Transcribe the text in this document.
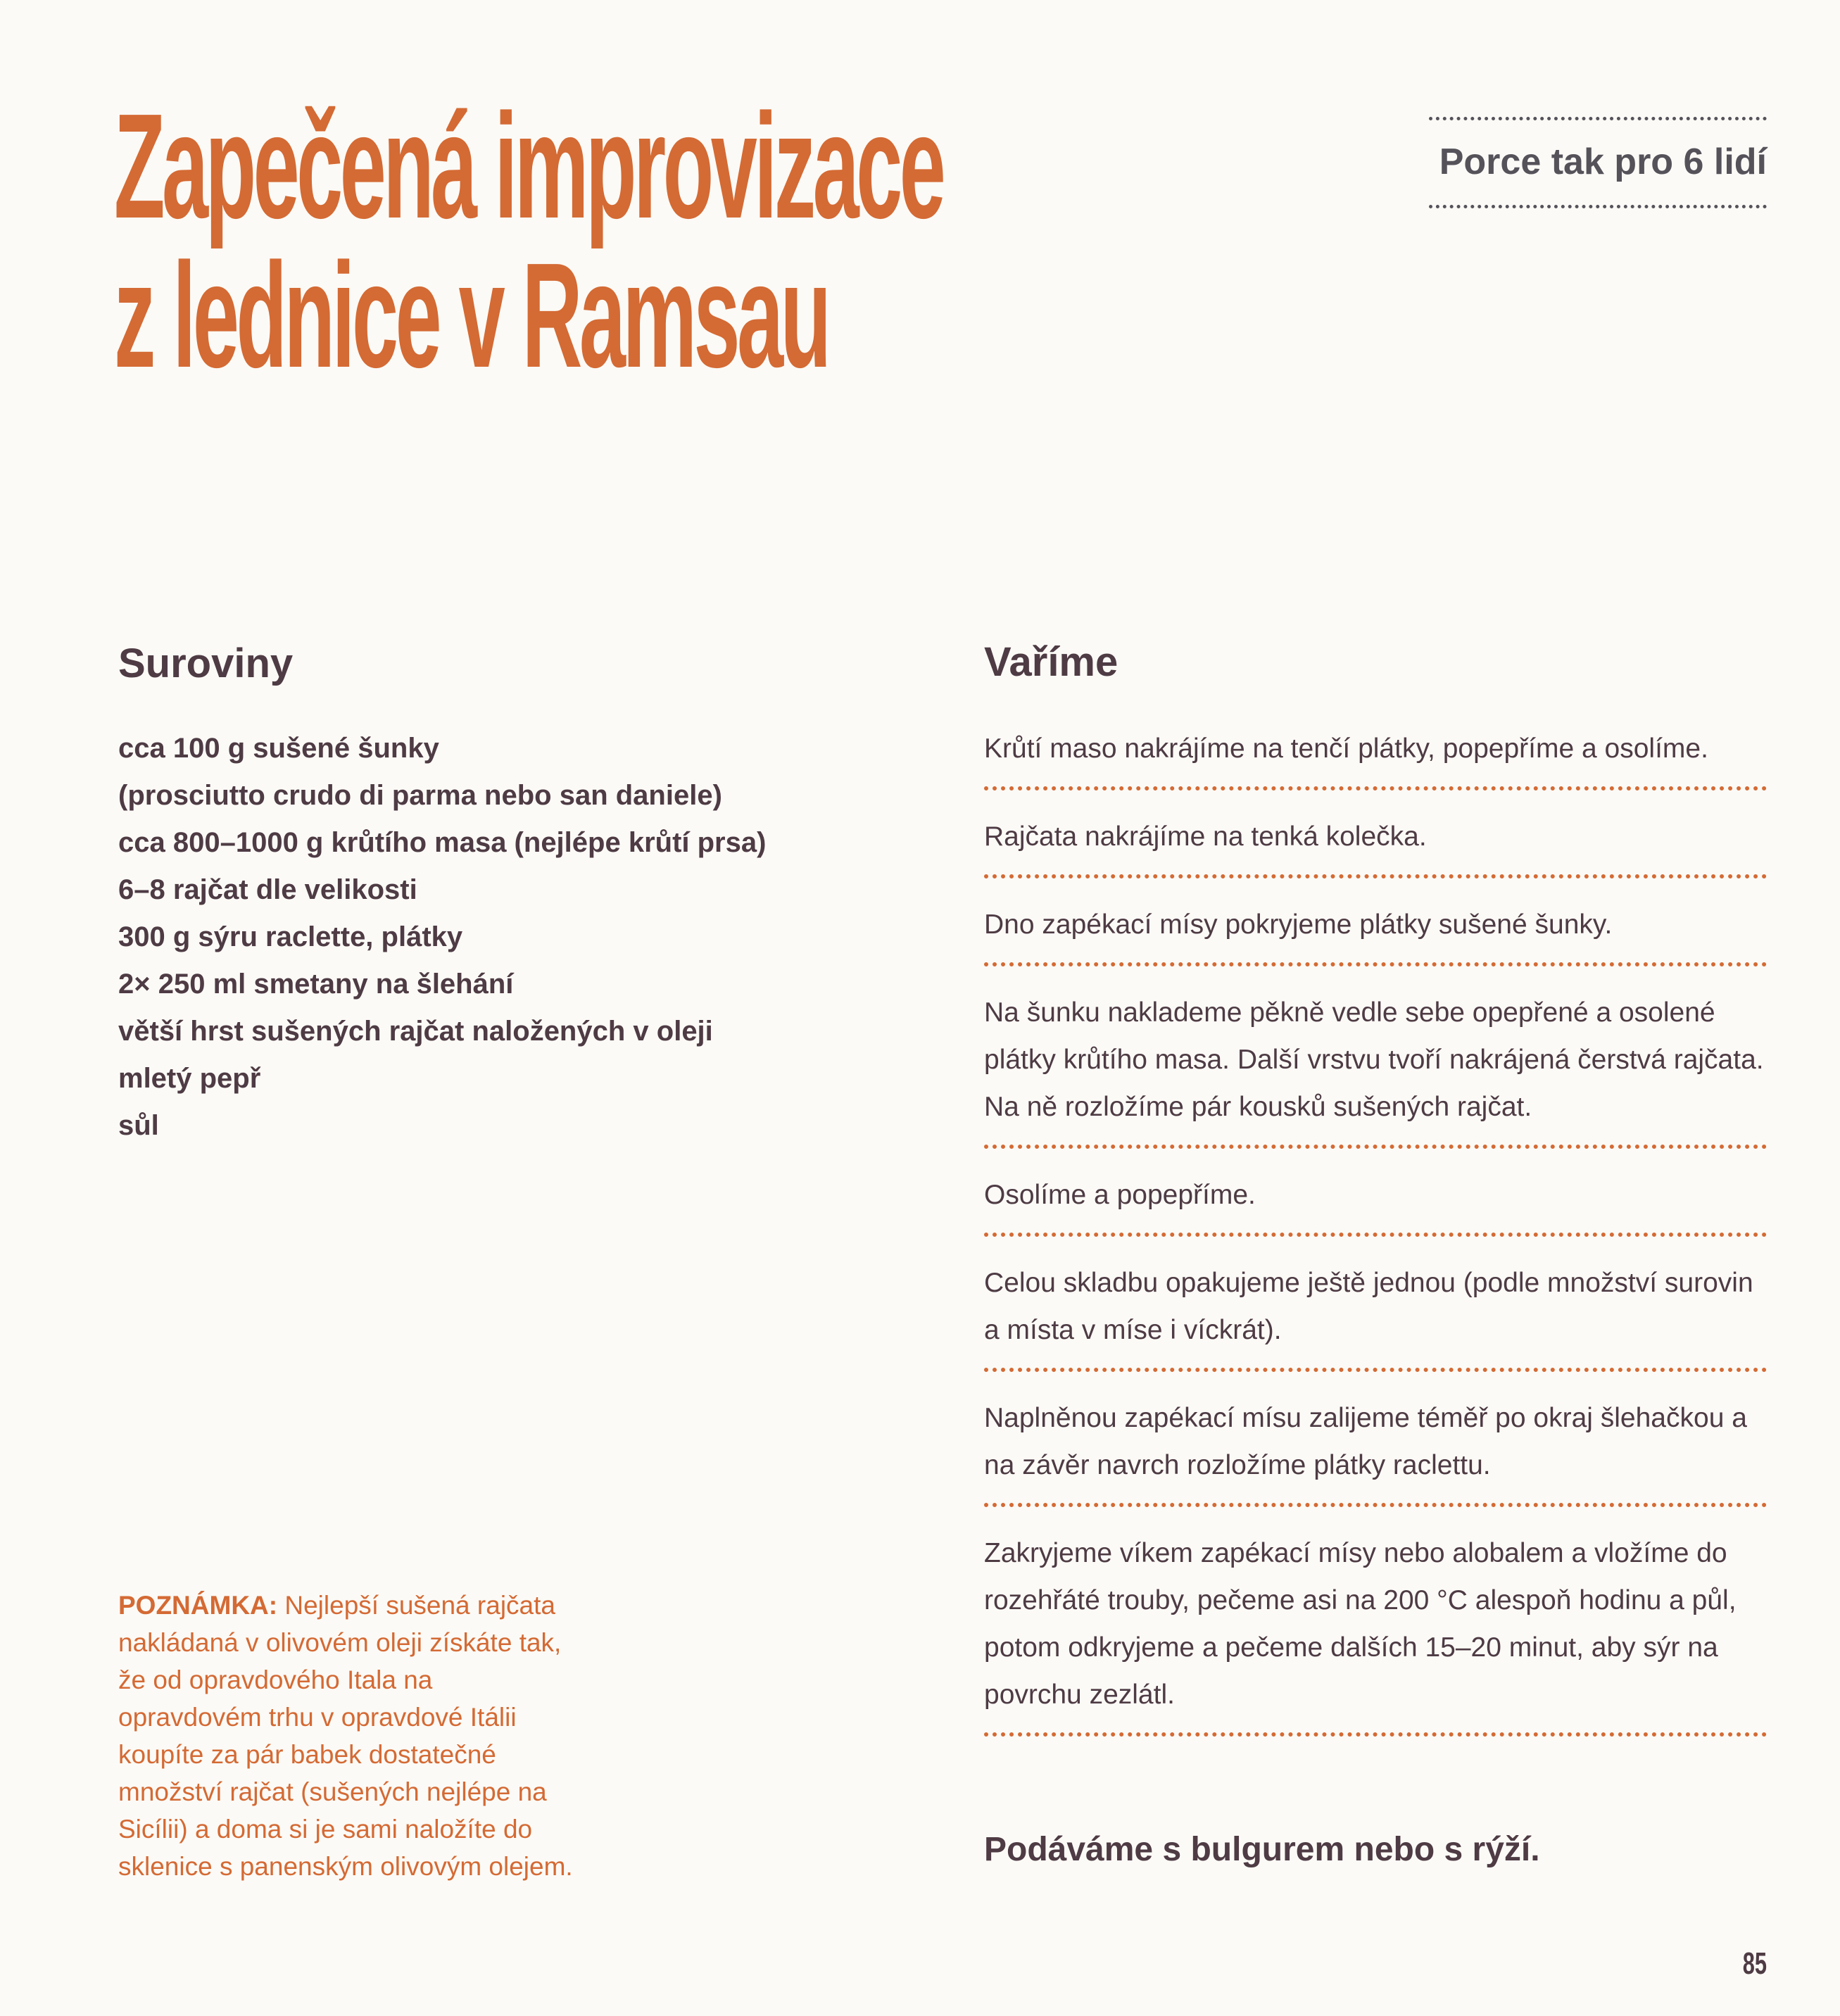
Zapečená improvizace
z lednice v Ramsau
Porce tak pro 6 lidí
Suroviny
cca 100 g sušené šunky
(prosciutto crudo di parma nebo san daniele)
cca 800–1000 g krůtího masa (nejlépe krůtí prsa)
6–8 rajčat dle velikosti
300 g sýru raclette, plátky
2× 250 ml smetany na šlehání
větší hrst sušených rajčat naložených v oleji
mletý pepř
sůl

POZNÁMKA: Nejlepší sušená rajčata nakládaná v olivovém oleji získáte tak, že od opravdového Itala na opravdovém trhu v opravdové Itálii koupíte za pár babek dostatečné množství rajčat (sušených nejlépe na Sicílii) a doma si je sami naložíte do sklenice s panenským olivovým olejem.

Vaříme
Krůtí maso nakrájíme na tenčí plátky, popepříme a osolíme.
Rajčata nakrájíme na tenká kolečka.
Dno zapékací mísy pokryjeme plátky sušené šunky.
Na šunku naklademe pěkně vedle sebe opepřené a osolené plátky krůtího masa. Další vrstvu tvoří nakrájená čerstvá rajčata. Na ně rozložíme pár kousků sušených rajčat.
Osolíme a popepříme.
Celou skladbu opakujeme ještě jednou (podle množství surovin a místa v míse i víckrát).
Naplněnou zapékací mísu zalijeme téměř po okraj šlehačkou a na závěr navrch rozložíme plátky raclettu.
Zakryjeme víkem zapékací mísy nebo alobalem a vložíme do rozehřáté trouby, pečeme asi na 200 °C alespoň hodinu a půl, potom odkryjeme a pečeme dalších 15–20 minut, aby sýr na povrchu zezlátl.

Podáváme s bulgurem nebo s rýží.

85
